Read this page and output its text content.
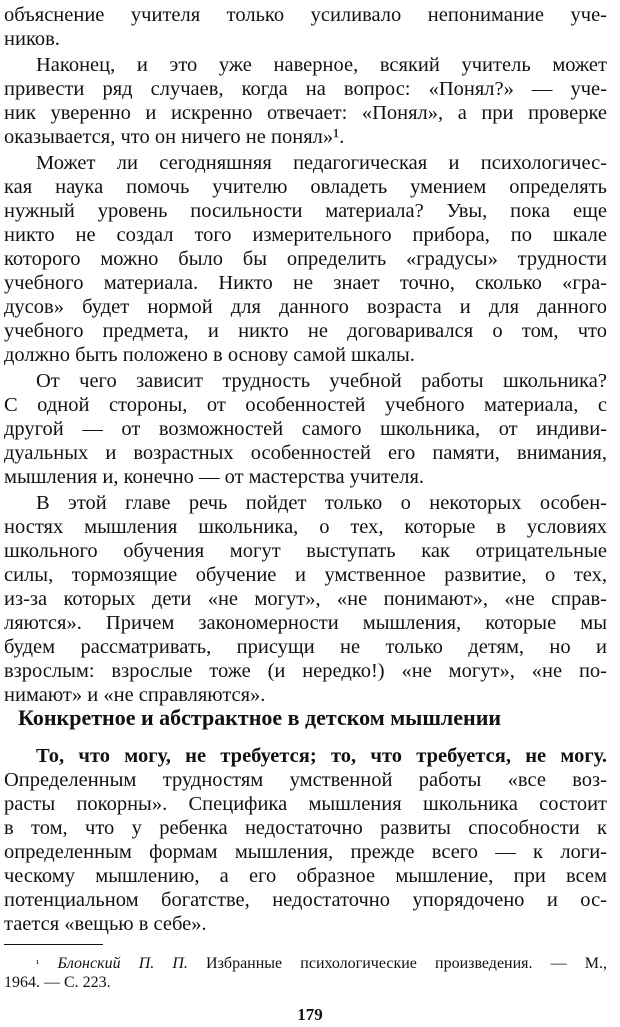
объяснение учителя только усиливало непонимание уче-
ников.
Наконец, и это уже наверное, всякий учитель может
привести ряд случаев, когда на вопрос: «Понял?» — уче-
ник уверенно и искренно отвечает: «Понял», а при проверке
оказывается, что он ничего не понял»¹.
Может ли сегодняшняя педагогическая и психологичес-
кая наука помочь учителю овладеть умением определять
нужный уровень посильности материала? Увы, пока еще
никто не создал того измерительного прибора, по шкале
которого можно было бы определить «градусы» трудности
учебного материала. Никто не знает точно, сколько «гра-
дусов» будет нормой для данного возраста и для данного
учебного предмета, и никто не договаривался о том, что
должно быть положено в основу самой шкалы.
От чего зависит трудность учебной работы школьника?
С одной стороны, от особенностей учебного материала, с
другой — от возможностей самого школьника, от индиви-
дуальных и возрастных особенностей его памяти, внимания,
мышления и, конечно — от мастерства учителя.
В этой главе речь пойдет только о некоторых особен-
ностях мышления школьника, о тех, которые в условиях
школьного обучения могут выступать как отрицательные
силы, тормозящие обучение и умственное развитие, о тех,
из-за которых дети «не могут», «не понимают», «не справ-
ляются». Причем закономерности мышления, которые мы
будем рассматривать, присущи не только детям, но и
взрослым: взрослые тоже (и нередко!) «не могут», «не по-
нимают» и «не справляются».
Конкретное и абстрактное в детском мышлении
То, что могу, не требуется; то, что требуется, не могу.
Определенным трудностям умственной работы «все воз-
расты покорны». Специфика мышления школьника состоит
в том, что у ребенка недостаточно развиты способности к
определенным формам мышления, прежде всего — к логи-
ческому мышлению, а его образное мышление, при всем
потенциальном богатстве, недостаточно упорядочено и ос-
тается «вещью в себе».
$^{^1}$ Блонский П. П. Избранные психологические произведения. — М.,
1964. — С. 223.
179
